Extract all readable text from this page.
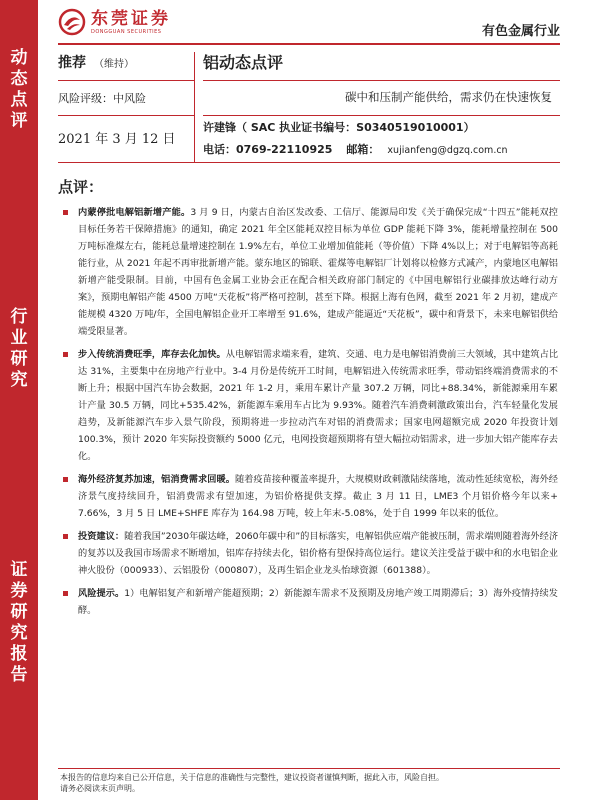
动
态
点
评
行
业
研
究
证
券
研
究
报
告
东莞证券
DONGGUAN SECURITIES	有色金属行业
推荐 （维持）
风险评级：中风险
2021 年 3 月 12 日
铝动态点评
碳中和压制产能供给，需求仍在快速恢复
许建锋（ SAC 执业证书编号：S0340519010001）
电话：0769-22110925 邮箱： xujianfeng@dgzq.com.cn
点评：

内蒙停批电解铝新增产能。3 月 9 日，内蒙古自治区发改委、工信厅、能源局印发《关于确保完成“十四五”能耗双控目标任务若干保障措施》的通知，确定 2021 年全区能耗双控目标为单位 GDP 能耗下降 3%，能耗增量控制在 500 万吨标准煤左右，能耗总量增速控制在 1.9%左右，单位工业增加值能耗（等价值）下降 4%以上；对于电解铝等高耗能行业，从 2021 年起不再审批新增产能。蒙东地区的锦联、霍煤等电解铝厂计划将以检修方式减产，内蒙地区电解铝新增产能受限制。目前，中国有色金属工业协会正在配合相关政府部门制定的《中国电解铝行业碳排放达峰行动方案》，预期电解铝产能 4500 万吨“天花板”将严格可控制，甚至下降。根据上海有色网，截至 2021 年 2 月初，建成产能规模 4320 万吨/年，全国电解铝企业开工率增至 91.6%，建成产能逼近“天花板”，碳中和背景下，未来电解铝供给端受限显著。

步入传统消费旺季，库存去化加快。从电解铝需求端来看，建筑、交通、电力是电解铝消费前三大领域，其中建筑占比达 31%，主要集中在房地产行业中。3-4 月份是传统开工时间，电解铝进入传统需求旺季，带动铝终端消费需求的不断上升；根据中国汽车协会数据，2021 年 1-2 月，乘用车累计产量 307.2 万辆，同比+88.34%，新能源乘用车累计产量 30.5 万辆，同比+535.42%，新能源车乘用车占比为 9.93%。随着汽车消费刺激政策出台，汽车轻量化发展趋势，及新能源汽车步入景气阶段，预期将进一步拉动汽车对铝的消费需求；国家电网超额完成 2020 年投资计划 100.3%，预计 2020 年实际投资额约 5000 亿元，电网投资超预期将有望大幅拉动铝需求，进一步加大铝产能库存去化。

海外经济复苏加速，铝消费需求回暖。随着疫苗接种覆盖率提升，大规模财政刺激陆续落地，流动性延续宽松，海外经济景气度持续回升，铝消费需求有望加速，为铝价格提供支撑。截止 3 月 11 日，LME3 个月铝价格今年以来+ 7.66%，3 月 5 日 LME+SHFE 库存为 164.98 万吨，较上年末-5.08%，处于自 1999 年以来的低位。

投资建议：随着我国”2030年碳达峰，2060年碳中和”的目标落实，电解铝供应端产能被压制，需求端则随着海外经济的复苏以及我国市场需求不断增加，铝库存持续去化，铝价格有望保持高位运行。建议关注受益于碳中和的水电铝企业神火股份（000933）、云铝股份（000807），及再生铝企业龙头怡球资源（601388）。

风险提示。1）电解铝复产和新增产能超预期；2）新能源车需求不及预期及房地产竣工周期滞后；3）海外疫情持续发酵。

本报告的信息均来自已公开信息，关于信息的准确性与完整性，建议投资者谨慎判断，据此入市，风险自担。
请务必阅读末页声明。
